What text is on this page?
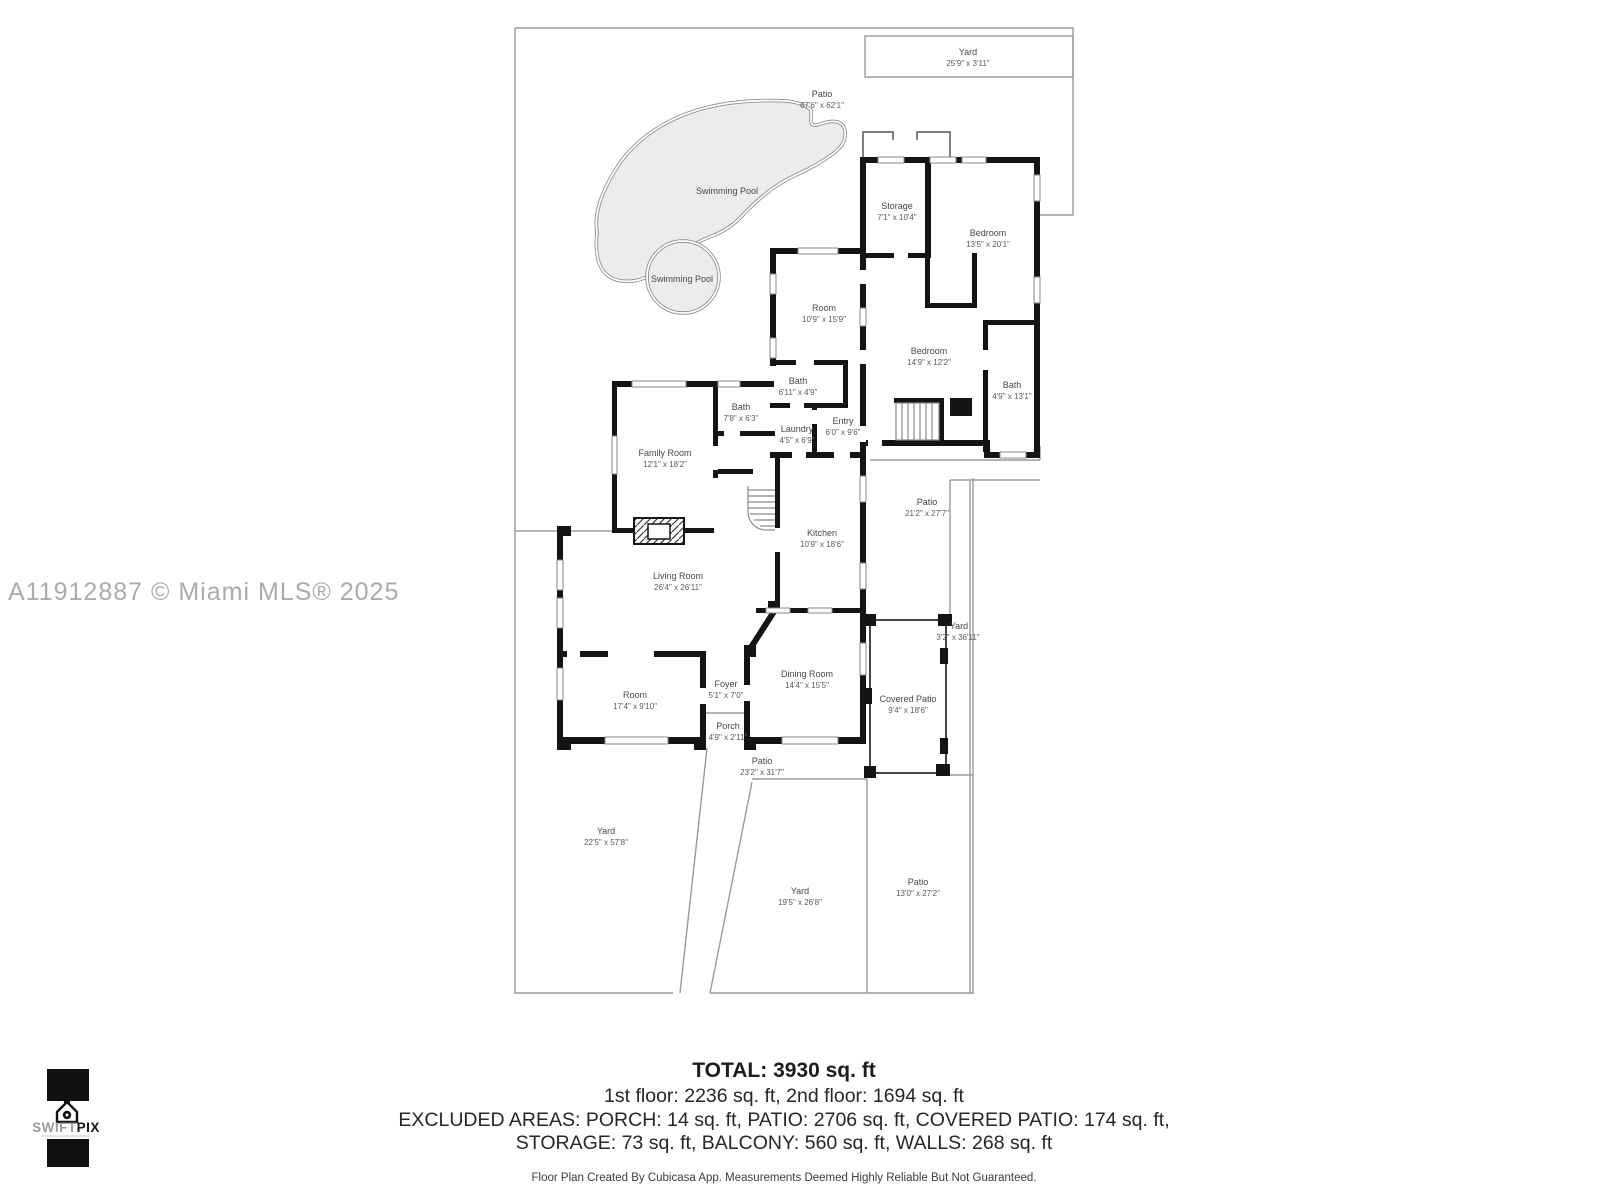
Yard
25'9" x 3'11"
Patio
67'6" x 62'1"
Swimming Pool
Swimming Pool
Storage
7'1" x 10'4"
Bedroom
13'5" x 20'1"
Room
10'9" x 15'9"
Bedroom
14'9" x 12'2"
Bath
6'11" x 4'9"
Bath
4'9" x 13'1"
Bath
7'8" x 6'3"
Laundry
4'5" x 6'9"
Entry
6'0" x 9'6"
Family Room
12'1" x 18'2"
Patio
21'2" x 27'7"
Kitchen
10'9" x 18'6"
Living Room
26'4" x 26'11"
Yard
3'2" x 36'11"
Room
17'4" x 9'10"
Foyer
5'1" x 7'0"
Dining Room
14'4" x 15'5"
Covered Patio
9'4" x 18'6"
Porch
4'9" x 2'11"
Patio
23'2" x 31'7"
Yard
22'5" x 57'8"
Yard
19'5" x 26'8"
Patio
13'0" x 27'2"
A11912887 © Miami MLS® 2025
SWIFTPIX
TOTAL: 3930 sq. ft
1st floor: 2236 sq. ft, 2nd floor: 1694 sq. ft
EXCLUDED AREAS: PORCH: 14 sq. ft, PATIO: 2706 sq. ft, COVERED PATIO: 174 sq. ft,
STORAGE: 73 sq. ft, BALCONY: 560 sq. ft, WALLS: 268 sq. ft
Floor Plan Created By Cubicasa App. Measurements Deemed Highly Reliable But Not Guaranteed.
